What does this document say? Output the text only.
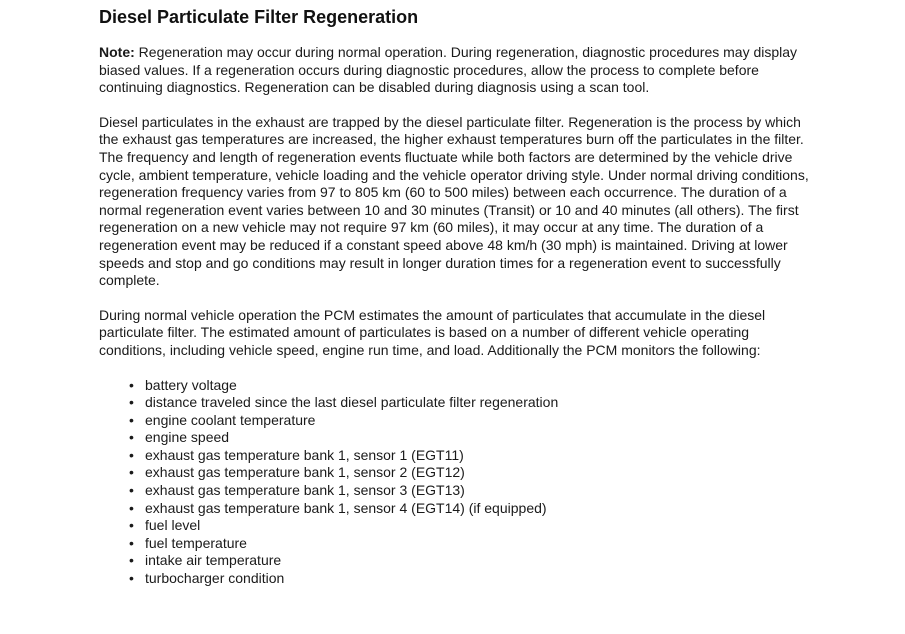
Diesel Particulate Filter Regeneration

Note: Regeneration may occur during normal operation. During regeneration, diagnostic procedures may display biased values. If a regeneration occurs during diagnostic procedures, allow the process to complete before continuing diagnostics. Regeneration can be disabled during diagnosis using a scan tool.

Diesel particulates in the exhaust are trapped by the diesel particulate filter. Regeneration is the process by which the exhaust gas temperatures are increased, the higher exhaust temperatures burn off the particulates in the filter. The frequency and length of regeneration events fluctuate while both factors are determined by the vehicle drive cycle, ambient temperature, vehicle loading and the vehicle operator driving style. Under normal driving conditions, regeneration frequency varies from 97 to 805 km (60 to 500 miles) between each occurrence. The duration of a normal regeneration event varies between 10 and 30 minutes (Transit) or 10 and 40 minutes (all others). The first regeneration on a new vehicle may not require 97 km (60 miles), it may occur at any time. The duration of a regeneration event may be reduced if a constant speed above 48 km/h (30 mph) is maintained. Driving at lower speeds and stop and go conditions may result in longer duration times for a regeneration event to successfully complete.

During normal vehicle operation the PCM estimates the amount of particulates that accumulate in the diesel particulate filter. The estimated amount of particulates is based on a number of different vehicle operating conditions, including vehicle speed, engine run time, and load. Additionally the PCM monitors the following:

• battery voltage
• distance traveled since the last diesel particulate filter regeneration
• engine coolant temperature
• engine speed
• exhaust gas temperature bank 1, sensor 1 (EGT11)
• exhaust gas temperature bank 1, sensor 2 (EGT12)
• exhaust gas temperature bank 1, sensor 3 (EGT13)
• exhaust gas temperature bank 1, sensor 4 (EGT14) (if equipped)
• fuel level
• fuel temperature
• intake air temperature
• turbocharger condition
